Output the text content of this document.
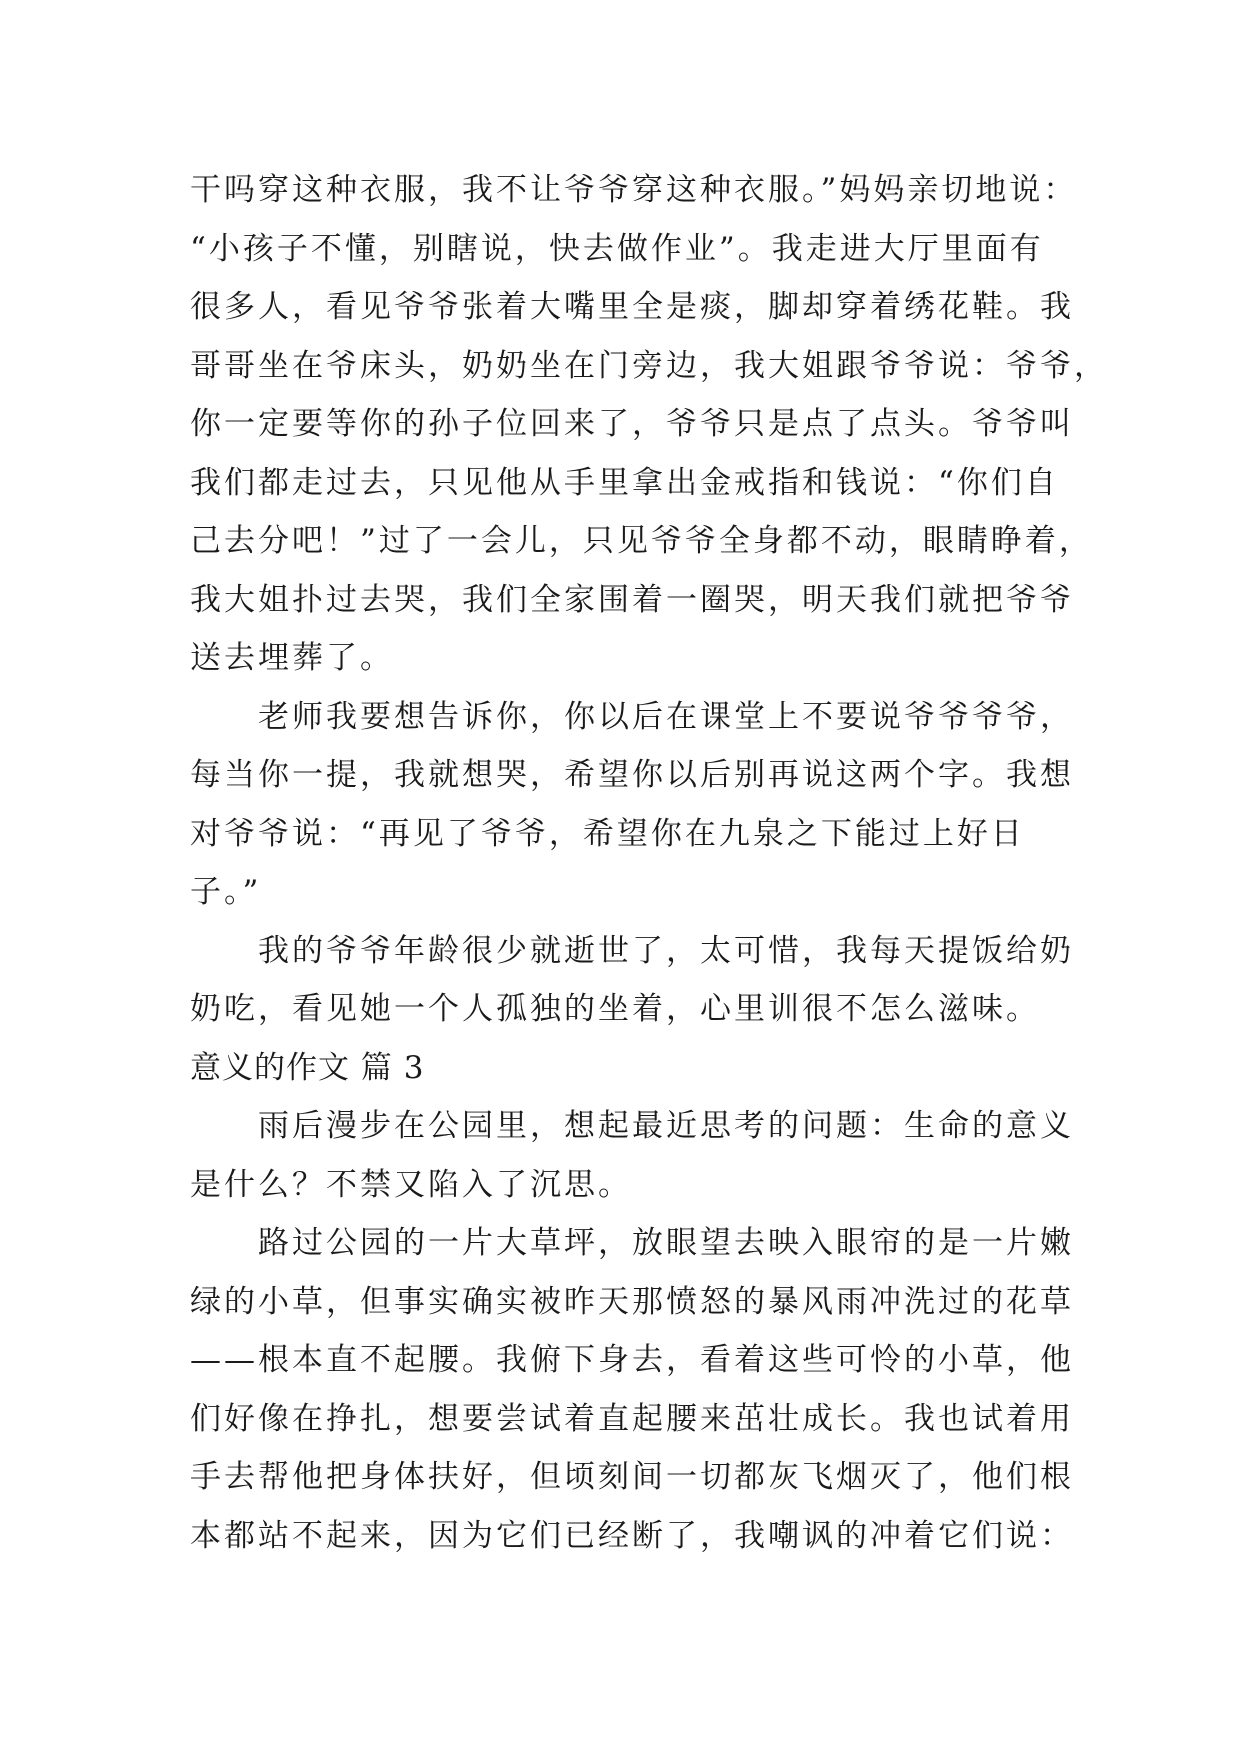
干吗穿这种衣服，我不让爷爷穿这种衣服。”妈妈亲切地说：
“小孩子不懂，别瞎说，快去做作业”。我走进大厅里面有
很多人，看见爷爷张着大嘴里全是痰，脚却穿着绣花鞋。我
哥哥坐在爷床头，奶奶坐在门旁边，我大姐跟爷爷说：爷爷，
你一定要等你的孙子位回来了，爷爷只是点了点头。爷爷叫
我们都走过去，只见他从手里拿出金戒指和钱说：“你们自
己去分吧！”过了一会儿，只见爷爷全身都不动，眼睛睁着，
我大姐扑过去哭，我们全家围着一圈哭，明天我们就把爷爷
送去埋葬了。
　　老师我要想告诉你，你以后在课堂上不要说爷爷爷爷，
每当你一提，我就想哭，希望你以后别再说这两个字。我想
对爷爷说：“再见了爷爷，希望你在九泉之下能过上好日
子。”
　　我的爷爷年龄很少就逝世了，太可惜，我每天提饭给奶
奶吃，看见她一个人孤独的坐着，心里训很不怎么滋味。
意义的作文 篇 3
　　雨后漫步在公园里，想起最近思考的问题：生命的意义
是什么？不禁又陷入了沉思。
　　路过公园的一片大草坪，放眼望去映入眼帘的是一片嫩
绿的小草，但事实确实被昨天那愤怒的暴风雨冲洗过的花草
——根本直不起腰。我俯下身去，看着这些可怜的小草，他
们好像在挣扎，想要尝试着直起腰来茁壮成长。我也试着用
手去帮他把身体扶好，但顷刻间一切都灰飞烟灭了，他们根
本都站不起来，因为它们已经断了，我嘲讽的冲着它们说：
